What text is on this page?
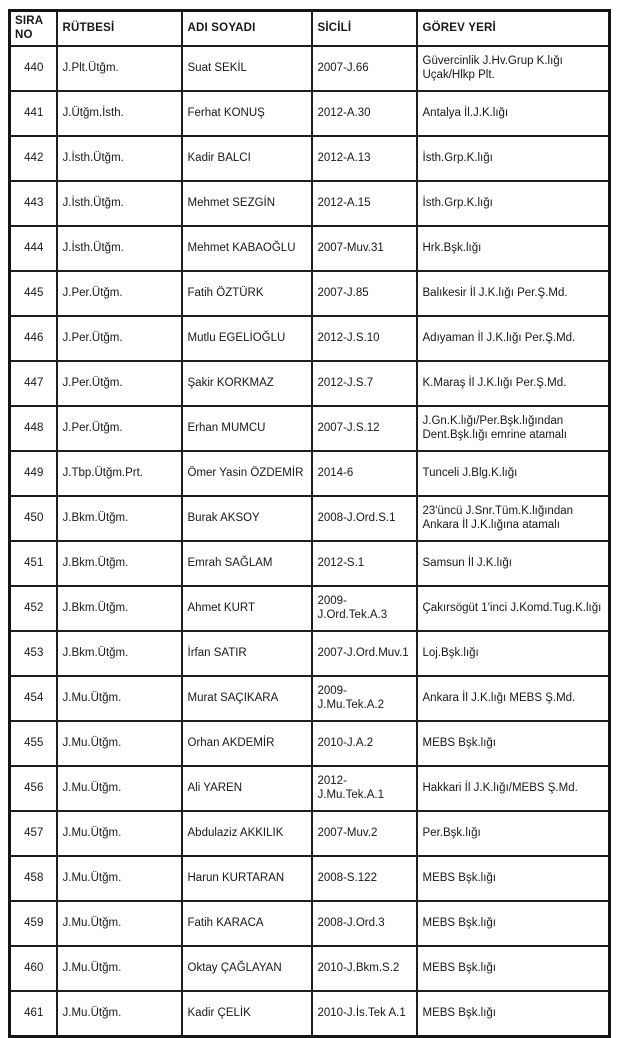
SIRA NO	RÜTBESİ	ADI SOYADI	SİCİLİ	GÖREV YERİ
440	J.Plt.Ütğm.	Suat SEKİL	2007-J.66	Güvercinlik J.Hv.Grup K.lığı Uçak/Hlkp Plt.
441	J.Ütğm.İsth.	Ferhat KONUŞ	2012-A.30	Antalya İl.J.K.lığı
442	J.İsth.Ütğm.	Kadir BALCI	2012-A.13	İsth.Grp.K.lığı
443	J.İsth.Ütğm.	Mehmet SEZGİN	2012-A.15	İsth.Grp.K.lığı
444	J.İsth.Ütğm.	Mehmet KABAOĞLU	2007-Muv.31	Hrk.Bşk.lığı
445	J.Per.Ütğm.	Fatih ÖZTÜRK	2007-J.85	Balıkesir İl J.K.lığı Per.Ş.Md.
446	J.Per.Ütğm.	Mutlu EGELİOĞLU	2012-J.S.10	Adıyaman İl J.K.lığı Per.Ş.Md.
447	J.Per.Ütğm.	Şakir KORKMAZ	2012-J.S.7	K.Maraş İl J.K.lığı Per.Ş.Md.
448	J.Per.Ütğm.	Erhan MUMCU	2007-J.S.12	J.Gn.K.lığı/Per.Bşk.lığından Dent.Bşk.lığı emrine atamalı
449	J.Tbp.Ütğm.Prt.	Ömer Yasin ÖZDEMİR	2014-6	Tunceli J.Blg.K.lığı
450	J.Bkm.Ütğm.	Burak AKSOY	2008-J.Ord.S.1	23'üncü J.Snr.Tüm.K.lığından Ankara İl J.K.lığına atamalı
451	J.Bkm.Ütğm.	Emrah SAĞLAM	2012-S.1	Samsun İl J.K.lığı
452	J.Bkm.Ütğm.	Ahmet KURT	2009-J.Ord.Tek.A.3	Çakırsögüt 1'inci J.Komd.Tug.K.lığı
453	J.Bkm.Ütğm.	İrfan SATIR	2007-J.Ord.Muv.1	Loj.Bşk.lığı
454	J.Mu.Ütğm.	Murat SAÇIKARA	2009-J.Mu.Tek.A.2	Ankara İl J.K.lığı MEBS Ş.Md.
455	J.Mu.Ütğm.	Orhan AKDEMİR	2010-J.A.2	MEBS Bşk.lığı
456	J.Mu.Ütğm.	Ali YAREN	2012-J.Mu.Tek.A.1	Hakkari İl J.K.lığı/MEBS Ş.Md.
457	J.Mu.Ütğm.	Abdulaziz AKKILIK	2007-Muv.2	Per.Bşk.lığı
458	J.Mu.Ütğm.	Harun KURTARAN	2008-S.122	MEBS Bşk.lığı
459	J.Mu.Ütğm.	Fatih KARACA	2008-J.Ord.3	MEBS Bşk.lığı
460	J.Mu.Ütğm.	Oktay ÇAĞLAYAN	2010-J.Bkm.S.2	MEBS Bşk.lığı
461	J.Mu.Ütğm.	Kadir ÇELİK	2010-J.İs.Tek A.1	MEBS Bşk.lığı
